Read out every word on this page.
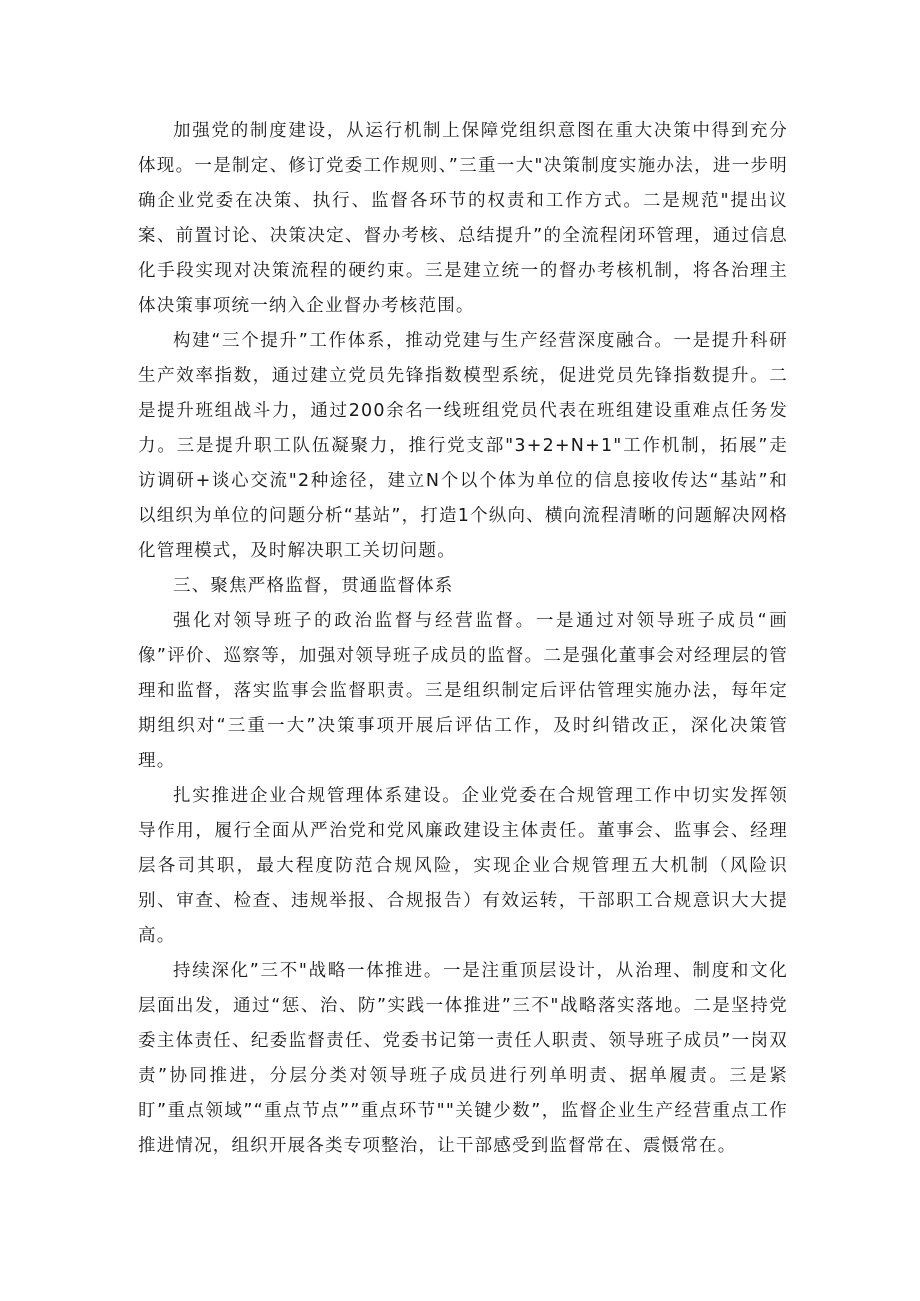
加强党的制度建设，从运行机制上保障党组织意图在重大决策中得到充分体现。一是制定、修订党委工作规则、”三重一大"决策制度实施办法，进一步明确企业党委在决策、执行、监督各环节的权责和工作方式。二是规范"提出议案、前置讨论、决策决定、督办考核、总结提升”的全流程闭环管理，通过信息化手段实现对决策流程的硬约束。三是建立统一的督办考核机制，将各治理主体决策事项统一纳入企业督办考核范围。

构建“三个提升”工作体系，推动党建与生产经营深度融合。一是提升科研生产效率指数，通过建立党员先锋指数模型系统，促进党员先锋指数提升。二是提升班组战斗力，通过200余名一线班组党员代表在班组建设重难点任务发力。三是提升职工队伍凝聚力，推行党支部"3+2+N+1"工作机制，拓展”走访调研+谈心交流"2种途径，建立N个以个体为单位的信息接收传达“基站”和以组织为单位的问题分析“基站”，打造1个纵向、横向流程清晰的问题解决网格化管理模式，及时解决职工关切问题。

三、聚焦严格监督，贯通监督体系

强化对领导班子的政治监督与经营监督。一是通过对领导班子成员“画像”评价、巡察等，加强对领导班子成员的监督。二是强化董事会对经理层的管理和监督，落实监事会监督职责。三是组织制定后评估管理实施办法，每年定期组织对“三重一大”决策事项开展后评估工作，及时纠错改正，深化决策管理。

扎实推进企业合规管理体系建设。企业党委在合规管理工作中切实发挥领导作用，履行全面从严治党和党风廉政建设主体责任。董事会、监事会、经理层各司其职，最大程度防范合规风险，实现企业合规管理五大机制（风险识别、审查、检查、违规举报、合规报告）有效运转，干部职工合规意识大大提高。

持续深化”三不"战略一体推进。一是注重顶层设计，从治理、制度和文化层面出发，通过“惩、治、防”实践一体推进”三不"战略落实落地。二是坚持党委主体责任、纪委监督责任、党委书记第一责任人职责、领导班子成员”一岗双责”协同推进，分层分类对领导班子成员进行列单明责、据单履责。三是紧盯”重点领域”“重点节点””重点环节""关键少数”，监督企业生产经营重点工作推进情况，组织开展各类专项整治，让干部感受到监督常在、震慑常在。
